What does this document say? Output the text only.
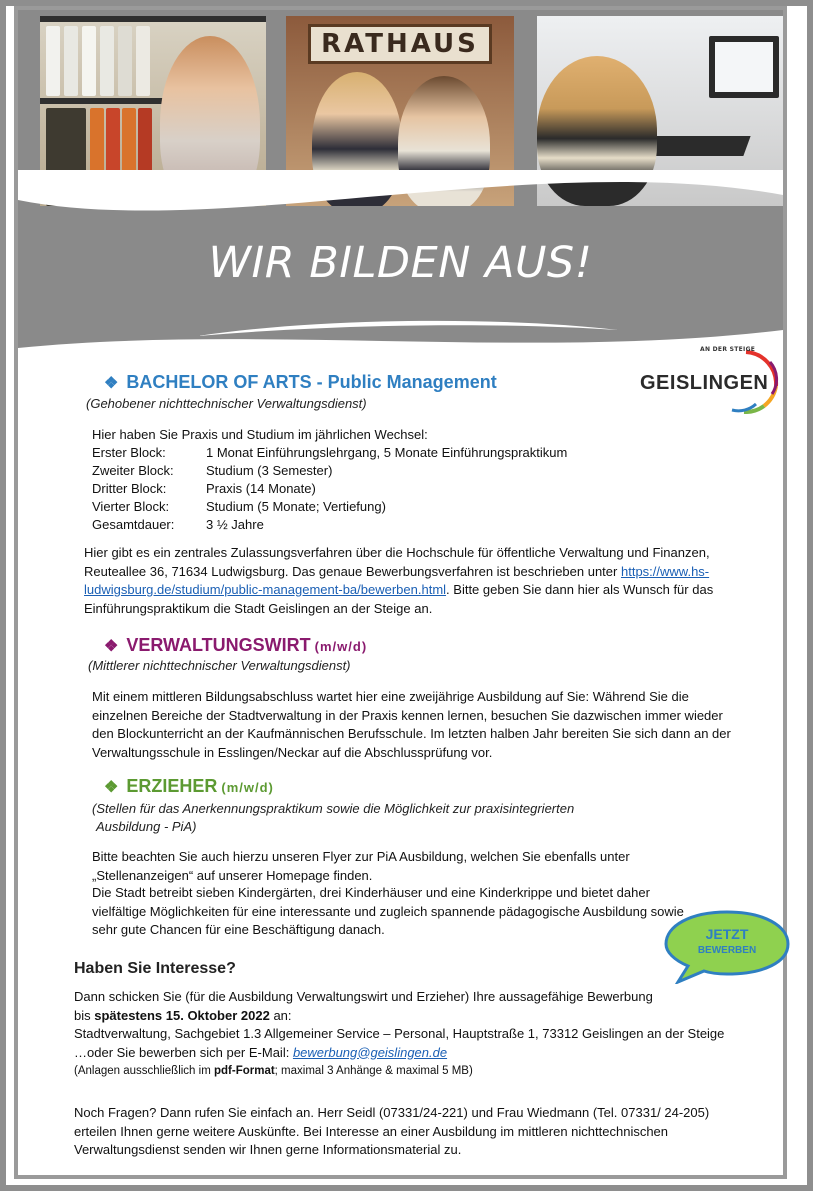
RATHAUS
WIR BILDEN AUS!
AN DER STEIGE
GEISLINGEN
❖ BACHELOR OF ARTS - Public Management
(Gehobener nichttechnischer Verwaltungsdienst)
Hier haben Sie Praxis und Studium im jährlichen Wechsel:
Erster Block:	1 Monat Einführungslehrgang, 5 Monate Einführungspraktikum
Zweiter Block:	Studium (3 Semester)
Dritter Block:	Praxis (14 Monate)
Vierter Block:	Studium (5 Monate; Vertiefung)
Gesamtdauer:	3 ½ Jahre
Hier gibt es ein zentrales Zulassungsverfahren über die Hochschule für öffentliche Verwaltung und Finanzen, Reuteallee 36, 71634 Ludwigsburg. Das genaue Bewerbungsverfahren ist beschrieben unter https://www.hs-ludwigsburg.de/studium/public-management-ba/bewerben.html. Bitte geben Sie dann hier als Wunsch für das Einführungspraktikum die Stadt Geislingen an der Steige an.
❖ VERWALTUNGSWIRT (m/w/d)
(Mittlerer nichttechnischer Verwaltungsdienst)
Mit einem mittleren Bildungsabschluss wartet hier eine zweijährige Ausbildung auf Sie: Während Sie die einzelnen Bereiche der Stadtverwaltung in der Praxis kennen lernen, besuchen Sie dazwischen immer wieder den Blockunterricht an der Kaufmännischen Berufsschule. Im letzten halben Jahr bereiten Sie sich dann an der Verwaltungsschule in Esslingen/Neckar auf die Abschlussprüfung vor.
❖ ERZIEHER (m/w/d)
(Stellen für das Anerkennungspraktikum sowie die Möglichkeit zur praxisintegrierten
Ausbildung - PiA)
Bitte beachten Sie auch hierzu unseren Flyer zur PiA Ausbildung, welchen Sie ebenfalls unter „Stellenanzeigen“ auf unserer Homepage finden.
Die Stadt betreibt sieben Kindergärten, drei Kinderhäuser und eine Kinderkrippe und bietet daher vielfältige Möglichkeiten für eine interessante und zugleich spannende pädagogische Ausbildung sowie sehr gute Chancen für eine Beschäftigung danach.	JETZT
BEWERBEN
Haben Sie Interesse?
Dann schicken Sie (für die Ausbildung Verwaltungswirt und Erzieher) Ihre aussagefähige Bewerbung
bis spätestens 15. Oktober 2022 an:
Stadtverwaltung, Sachgebiet 1.3 Allgemeiner Service – Personal, Hauptstraße 1, 73312 Geislingen an der Steige
…oder Sie bewerben sich per E-Mail: bewerbung@geislingen.de
(Anlagen ausschließlich im pdf-Format; maximal 3 Anhänge & maximal 5 MB)
Noch Fragen? Dann rufen Sie einfach an. Herr Seidl (07331/24-221) und Frau Wiedmann (Tel. 07331/ 24-205) erteilen Ihnen gerne weitere Auskünfte. Bei Interesse an einer Ausbildung im mittleren nichttechnischen Verwaltungsdienst senden wir Ihnen gerne Informationsmaterial zu.
